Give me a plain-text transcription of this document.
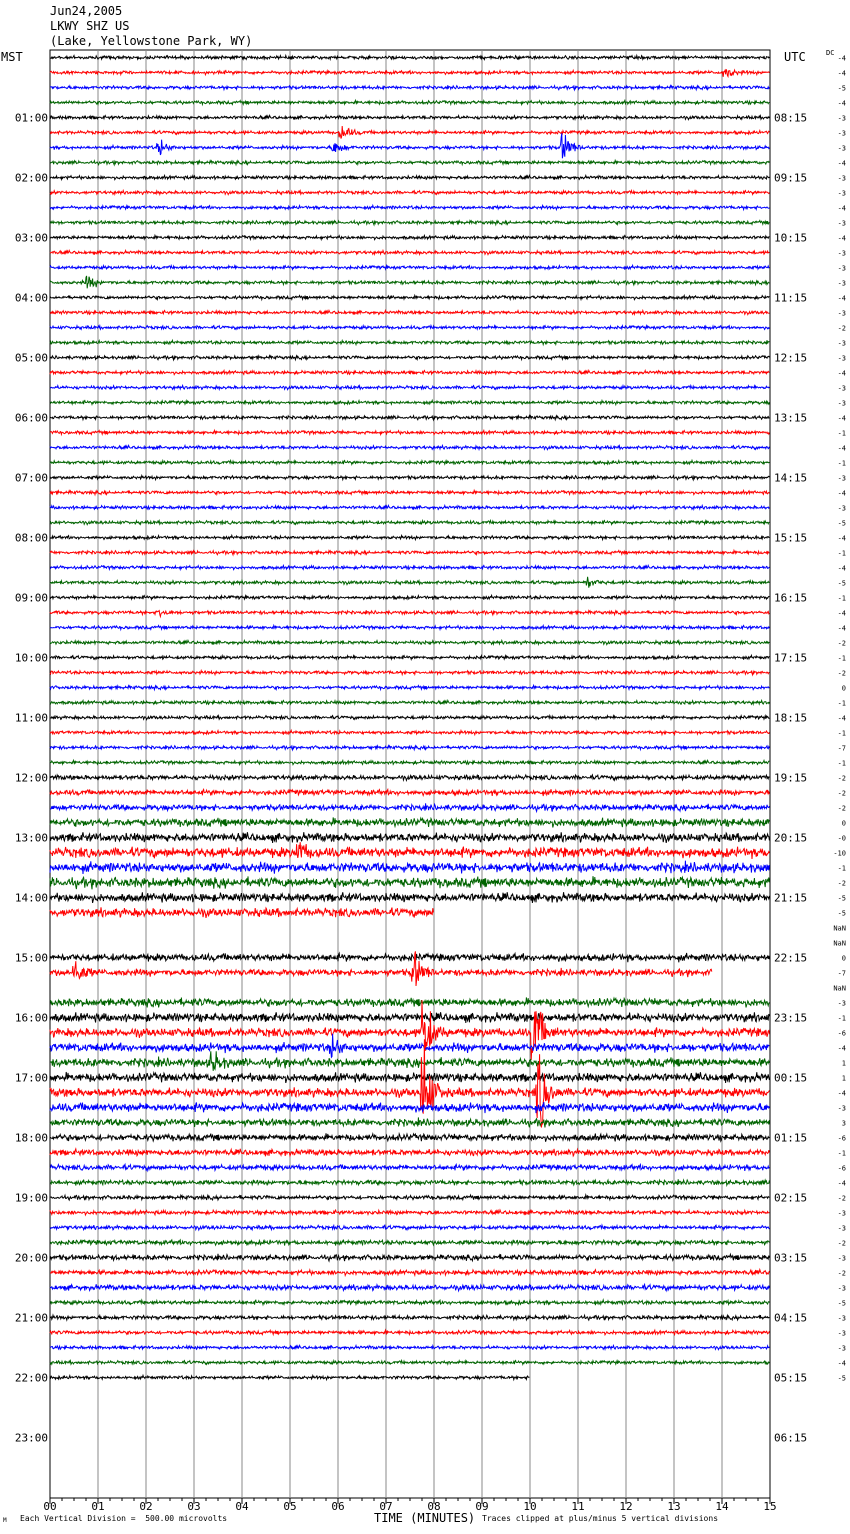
Jun24,2005
LKWY SHZ US
(Lake, Yellowstone Park, WY)
MST	UTC	DC
00	01	02	03	04	05	06	07	08	09	10	11	12	13	14	15
01:00
02:00
03:00
04:00
05:00
06:00
07:00
08:00
09:00
10:00
11:00
12:00
13:00
14:00
15:00
16:00
17:00
18:00
19:00
20:00
21:00
22:00
23:00
08:15
09:15
10:15
11:15
12:15
13:15
14:15
15:15
16:15
17:15
18:15
19:15
20:15
21:15
22:15
23:15
00:15
01:15
02:15
03:15
04:15
05:15
06:15
-4
-4
-5
-4
-3
-3
-3
-4
-3
-3
-4
-3
-4
-3
-3
-3
-4
-3
-2
-3
-3
-4
-3
-3
-4
-1
-4
-1
-3
-4
-3
-5
-4
-1
-4
-5
-1
-4
-4
-2
-1
-2
0
-1
-4
-1
-7
-1
-2
-2
-2
0
-0
-10
-1
-2
-5
-5
NaN
NaN
0
-7
NaN
-3
-1
-6
-4
1
1
-4
-3
3
-6
-1
-6
-4
-2
-3
-3
-2
-3
-2
-3
-5
-3
-3
-3
-4
-5
M Each Vertical Division =  500.00 microvolts	TIME (MINUTES) Traces clipped at plus/minus 5 vertical divisions
